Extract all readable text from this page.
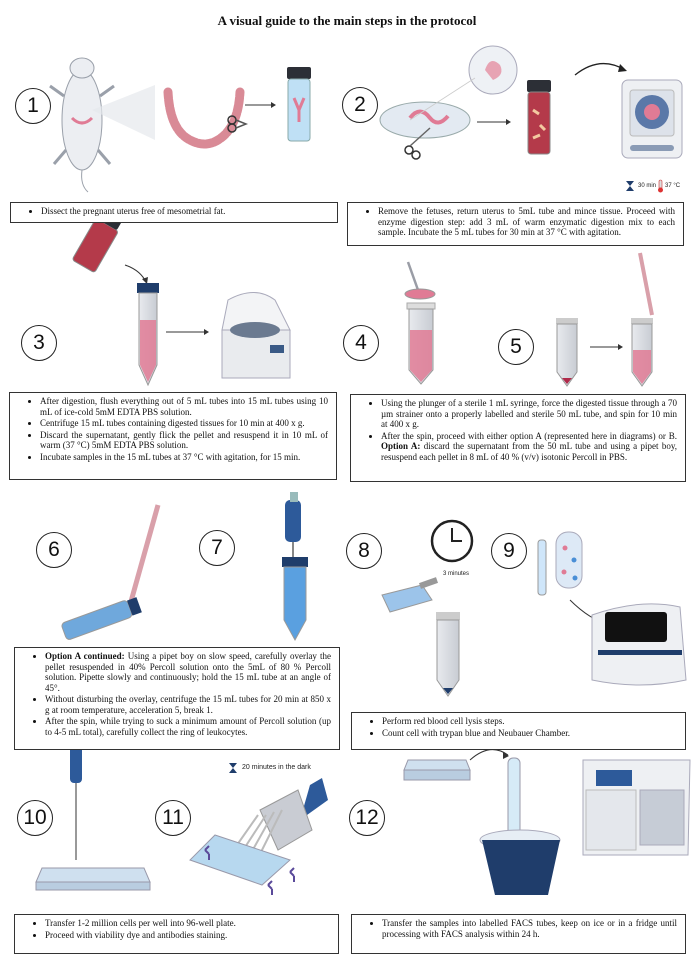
A visual guide to the main steps in the protocol
1	2
3	4	5
6	7	8	9
10	11	12
30 min 37 °C
3 minutes
20 minutes in the dark
• Dissect the pregnant uterus free of mesometrial fat.
•	Remove the fetuses, return uterus to 5mL tube and mince tissue. Proceed with enzyme digestion step: add 3 mL of warm enzymatic digestion mix to each sample. Incubate the 5 mL tubes for 30 min at 37 °C with agitation.
• After digestion, flush everything out of 5 mL tubes into 15 mL tubes using 10 mL of ice-cold 5mM EDTA PBS solution.
• Centrifuge 15 mL tubes containing digested tissues for 10 min at 400 x g.
• Discard the supernatant, gently flick the pellet and resuspend it in 10 mL of warm (37 °C) 5mM EDTA PBS solution.
• Incubate samples in the 15 mL tubes at 37 °C with agitation, for 15 min.
• Using the plunger of a sterile 1 mL syringe, force the digested tissue through a 70 µm strainer onto a properly labelled and sterile 50 mL tube, and spin for 10 min at 400 x g.
• After the spin, proceed with either option A (represented here in diagrams) or B. Option A: discard the supernatant from the 50 mL tube and using a pipet boy, resuspend each pellet in 8 mL of 40 % (v/v) isotonic Percoll in PBS.
• Option A continued: Using a pipet boy on slow speed, carefully overlay the pellet resuspended in 40% Percoll solution onto the 5mL of 80 % Percoll solution. Pipette slowly and continuously; hold the 15 mL tube at an angle of 45°.
• Without disturbing the overlay, centrifuge the 15 mL tubes for 20 min at 850 x g at room temperature, acceleration 5, break 1.
• After the spin, while trying to suck a minimum amount of Percoll solution (up to 4-5 mL total), carefully collect the ring of leukocytes.
• Perform red blood cell lysis steps.
• Count cell with trypan blue and Neubauer Chamber.
• Transfer 1-2 million cells per well into 96-well plate.
• Proceed with viability dye and antibodies staining.
• Transfer the samples into labelled FACS tubes, keep on ice or in a fridge until processing with FACS analysis within 24 h.
